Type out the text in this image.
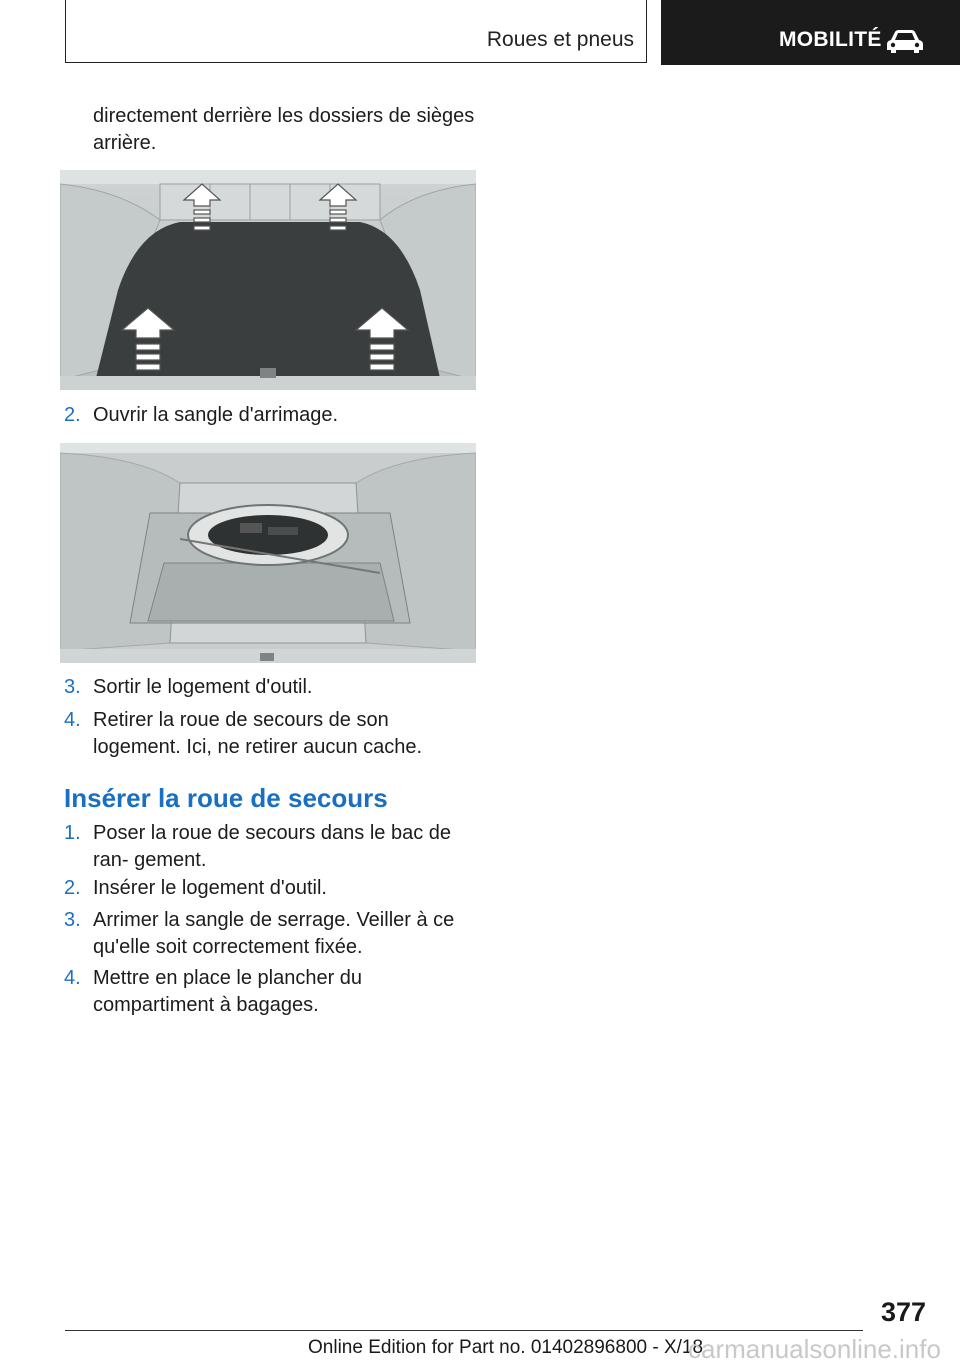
Roues et pneus	MOBILITÉ
directement derrière les dossiers de sièges arrière.
2. Ouvrir la sangle d'arrimage.
3. Sortir le logement d'outil.
4. Retirer la roue de secours de son logement. Ici, ne retirer aucun cache.
Insérer la roue de secours
1. Poser la roue de secours dans le bac de ran‐ gement.
2. Insérer le logement d'outil.
3. Arrimer la sangle de serrage. Veiller à ce qu'elle soit correctement fixée.
4. Mettre en place le plancher du compartiment à bagages.
377
Online Edition for Part no. 01402896800 - X/18
carmanualsonline.info
